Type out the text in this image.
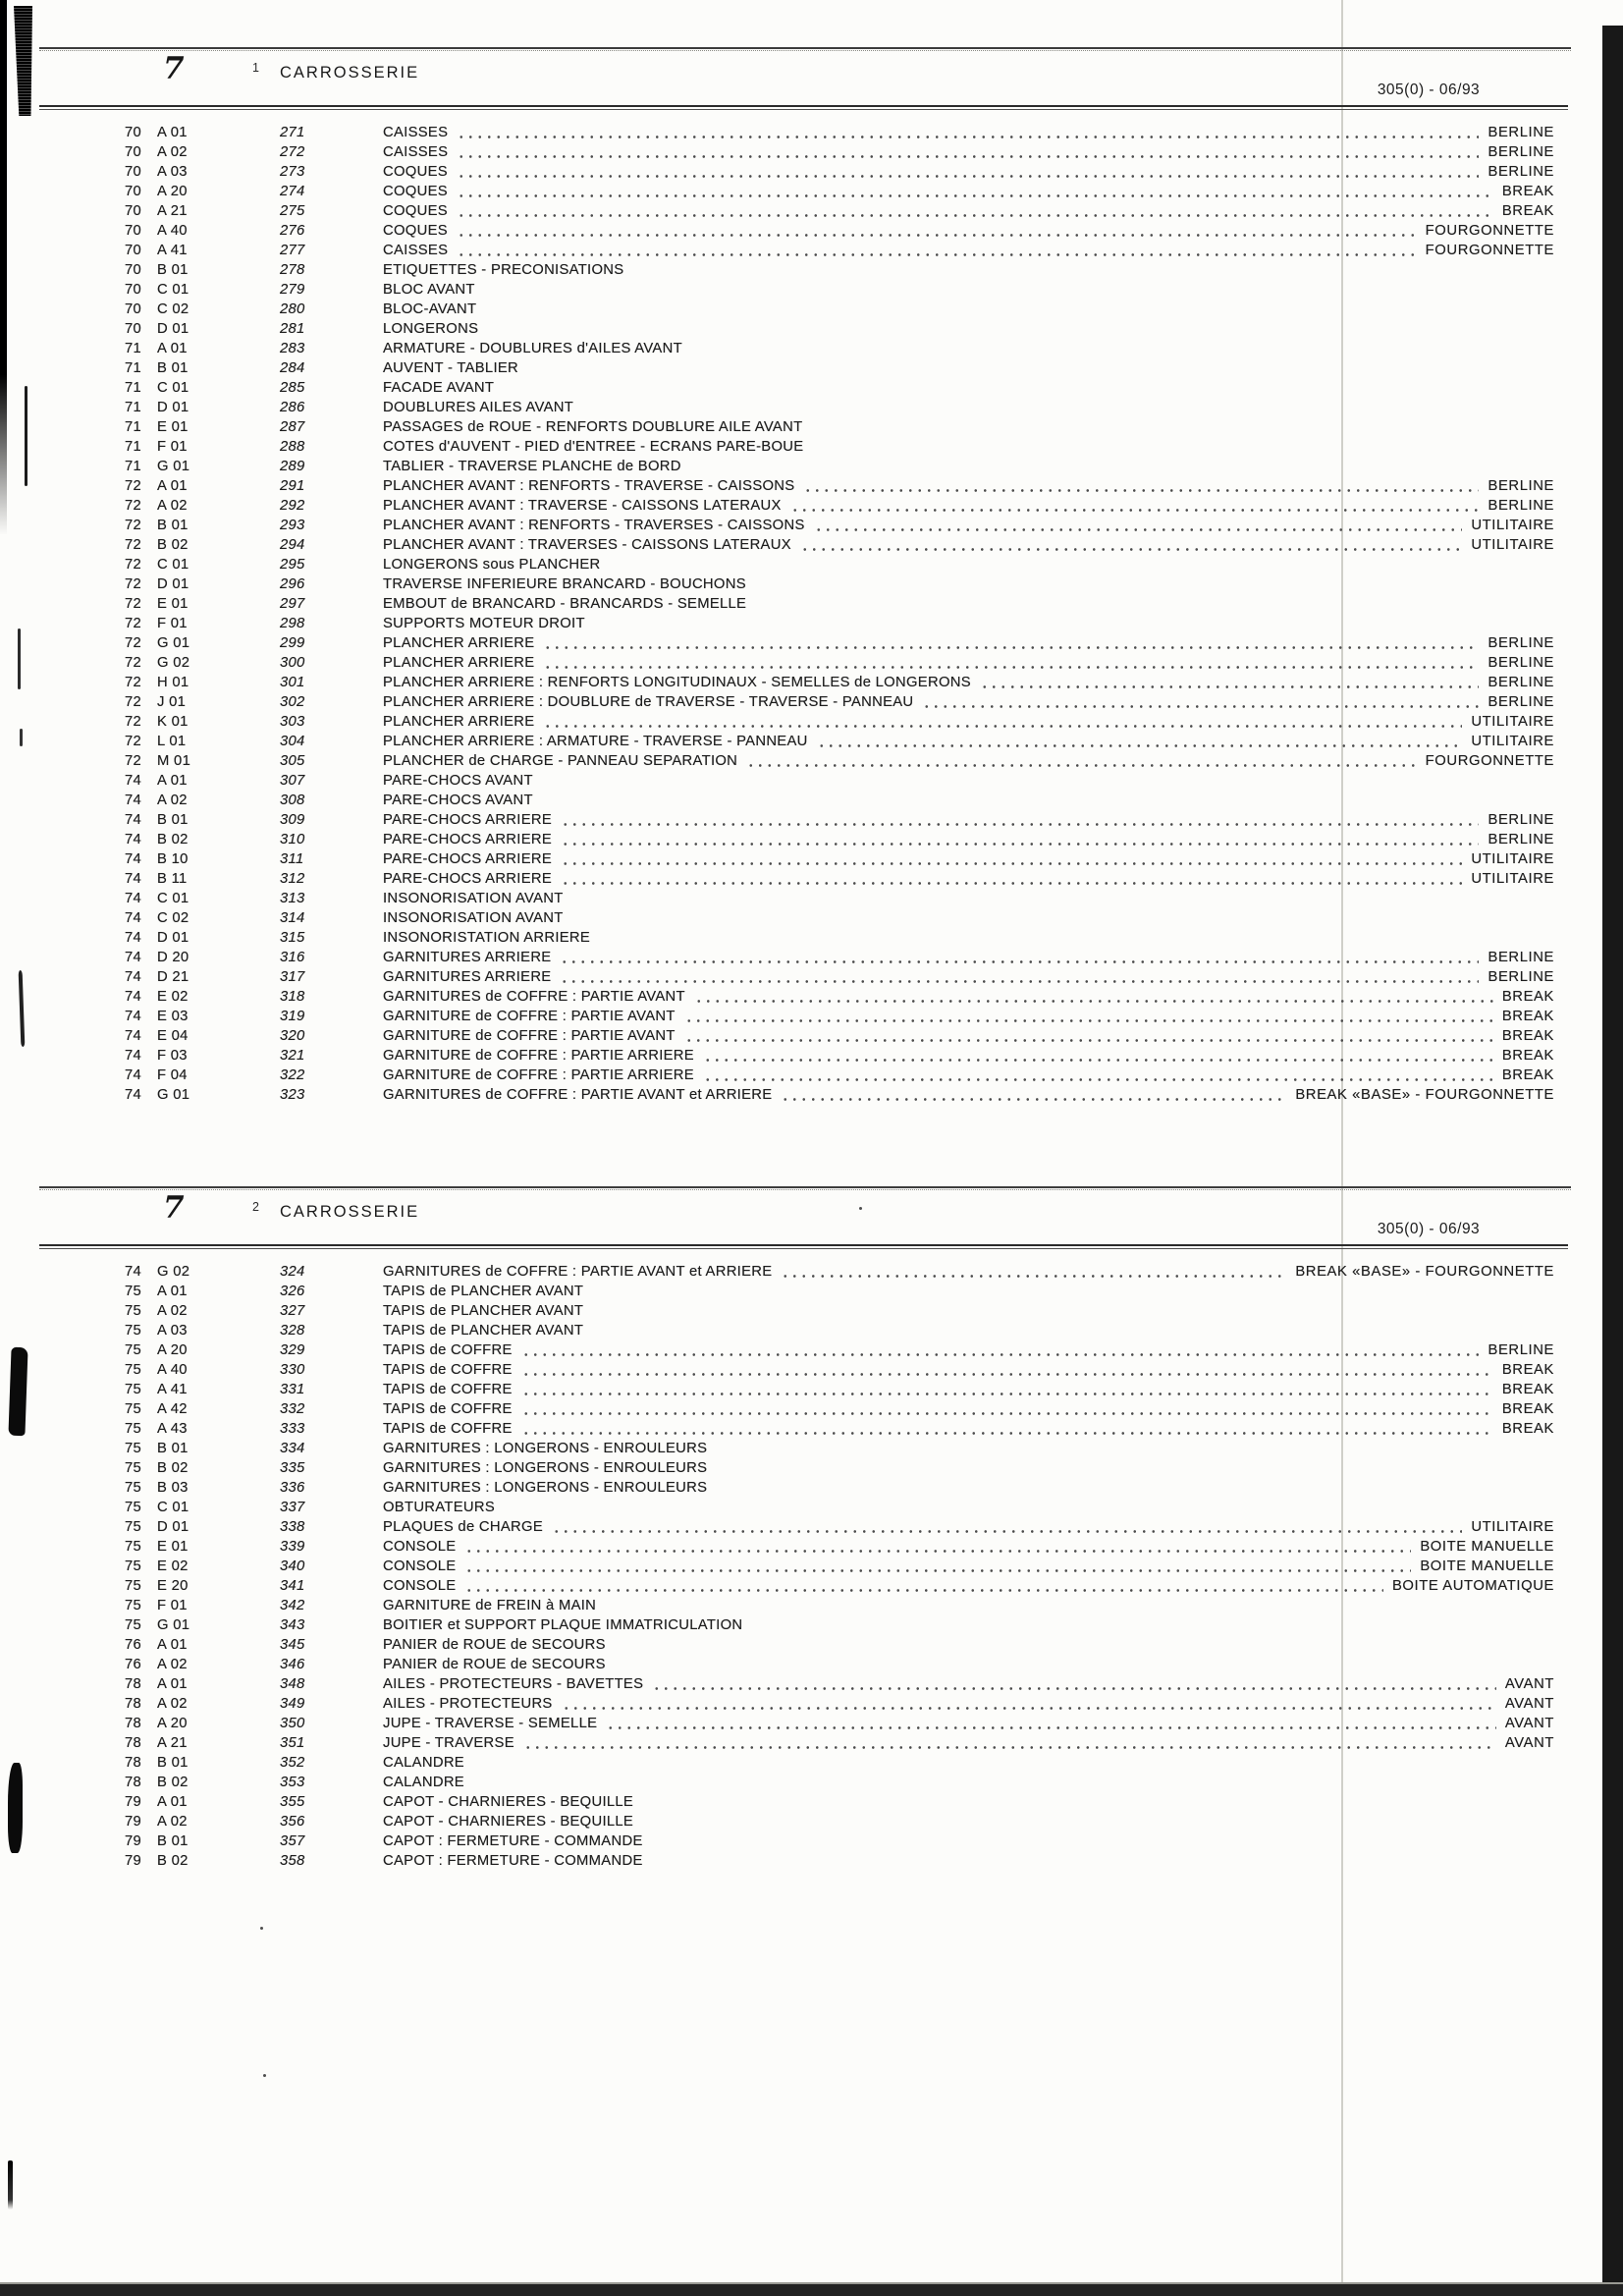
7	1 CARROSSERIE
305(0) - 06/93
70	A 01	271	CAISSES	BERLINE
70	A 02	272	CAISSES	BERLINE
70	A 03	273	COQUES	BERLINE
70	A 20	274	COQUES	BREAK
70	A 21	275	COQUES	BREAK
70	A 40	276	COQUES	FOURGONNETTE
70	A 41	277	CAISSES	FOURGONNETTE
70	B 01	278	ETIQUETTES - PRECONISATIONS
70	C 01	279	BLOC AVANT
70	C 02	280	BLOC-AVANT
70	D 01	281	LONGERONS
71	A 01	283	ARMATURE - DOUBLURES d'AILES AVANT
71	B 01	284	AUVENT - TABLIER
71	C 01	285	FACADE AVANT
71	D 01	286	DOUBLURES AILES AVANT
71	E 01	287	PASSAGES de ROUE - RENFORTS DOUBLURE AILE AVANT
71	F 01	288	COTES d'AUVENT - PIED d'ENTREE - ECRANS PARE-BOUE
71	G 01	289	TABLIER - TRAVERSE PLANCHE de BORD
72	A 01	291	PLANCHER AVANT : RENFORTS - TRAVERSE - CAISSONS	BERLINE
72	A 02	292	PLANCHER AVANT : TRAVERSE - CAISSONS LATERAUX	BERLINE
72	B 01	293	PLANCHER AVANT : RENFORTS - TRAVERSES - CAISSONS	UTILITAIRE
72	B 02	294	PLANCHER AVANT : TRAVERSES - CAISSONS LATERAUX	UTILITAIRE
72	C 01	295	LONGERONS sous PLANCHER
72	D 01	296	TRAVERSE INFERIEURE BRANCARD - BOUCHONS
72	E 01	297	EMBOUT de BRANCARD - BRANCARDS - SEMELLE
72	F 01	298	SUPPORTS MOTEUR DROIT
72	G 01	299	PLANCHER ARRIERE	BERLINE
72	G 02	300	PLANCHER ARRIERE	BERLINE
72	H 01	301	PLANCHER ARRIERE : RENFORTS LONGITUDINAUX - SEMELLES de LONGERONS	BERLINE
72	J 01	302	PLANCHER ARRIERE : DOUBLURE de TRAVERSE - TRAVERSE - PANNEAU	BERLINE
72	K 01	303	PLANCHER ARRIERE	UTILITAIRE
72	L 01	304	PLANCHER ARRIERE : ARMATURE - TRAVERSE - PANNEAU	UTILITAIRE
72	M 01	305	PLANCHER de CHARGE - PANNEAU SEPARATION	FOURGONNETTE
74	A 01	307	PARE-CHOCS AVANT
74	A 02	308	PARE-CHOCS AVANT
74	B 01	309	PARE-CHOCS ARRIERE	BERLINE
74	B 02	310	PARE-CHOCS ARRIERE	BERLINE
74	B 10	311	PARE-CHOCS ARRIERE	UTILITAIRE
74	B 11	312	PARE-CHOCS ARRIERE	UTILITAIRE
74	C 01	313	INSONORISATION AVANT
74	C 02	314	INSONORISATION AVANT
74	D 01	315	INSONORISTATION ARRIERE
74	D 20	316	GARNITURES ARRIERE	BERLINE
74	D 21	317	GARNITURES ARRIERE	BERLINE
74	E 02	318	GARNITURES de COFFRE : PARTIE AVANT	BREAK
74	E 03	319	GARNITURE de COFFRE : PARTIE AVANT	BREAK
74	E 04	320	GARNITURE de COFFRE : PARTIE AVANT	BREAK
74	F 03	321	GARNITURE de COFFRE : PARTIE ARRIERE	BREAK
74	F 04	322	GARNITURE de COFFRE : PARTIE ARRIERE	BREAK
74	G 01	323	GARNITURES de COFFRE : PARTIE AVANT et ARRIERE	BREAK «BASE» - FOURGONNETTE
7	2 CARROSSERIE
305(0) - 06/93
74	G 02	324	GARNITURES de COFFRE : PARTIE AVANT et ARRIERE	BREAK «BASE» - FOURGONNETTE
75	A 01	326	TAPIS de PLANCHER AVANT
75	A 02	327	TAPIS de PLANCHER AVANT
75	A 03	328	TAPIS de PLANCHER AVANT
75	A 20	329	TAPIS de COFFRE	BERLINE
75	A 40	330	TAPIS de COFFRE	BREAK
75	A 41	331	TAPIS de COFFRE	BREAK
75	A 42	332	TAPIS de COFFRE	BREAK
75	A 43	333	TAPIS de COFFRE	BREAK
75	B 01	334	GARNITURES : LONGERONS - ENROULEURS
75	B 02	335	GARNITURES : LONGERONS - ENROULEURS
75	B 03	336	GARNITURES : LONGERONS - ENROULEURS
75	C 01	337	OBTURATEURS
75	D 01	338	PLAQUES de CHARGE	UTILITAIRE
75	E 01	339	CONSOLE	BOITE MANUELLE
75	E 02	340	CONSOLE	BOITE MANUELLE
75	E 20	341	CONSOLE	BOITE AUTOMATIQUE
75	F 01	342	GARNITURE de FREIN à MAIN
75	G 01	343	BOITIER et SUPPORT PLAQUE IMMATRICULATION
76	A 01	345	PANIER de ROUE de SECOURS
76	A 02	346	PANIER de ROUE de SECOURS
78	A 01	348	AILES - PROTECTEURS - BAVETTES	AVANT
78	A 02	349	AILES - PROTECTEURS	AVANT
78	A 20	350	JUPE - TRAVERSE - SEMELLE	AVANT
78	A 21	351	JUPE - TRAVERSE	AVANT
78	B 01	352	CALANDRE
78	B 02	353	CALANDRE
79	A 01	355	CAPOT - CHARNIERES - BEQUILLE
79	A 02	356	CAPOT - CHARNIERES - BEQUILLE
79	B 01	357	CAPOT : FERMETURE - COMMANDE
79	B 02	358	CAPOT : FERMETURE - COMMANDE
